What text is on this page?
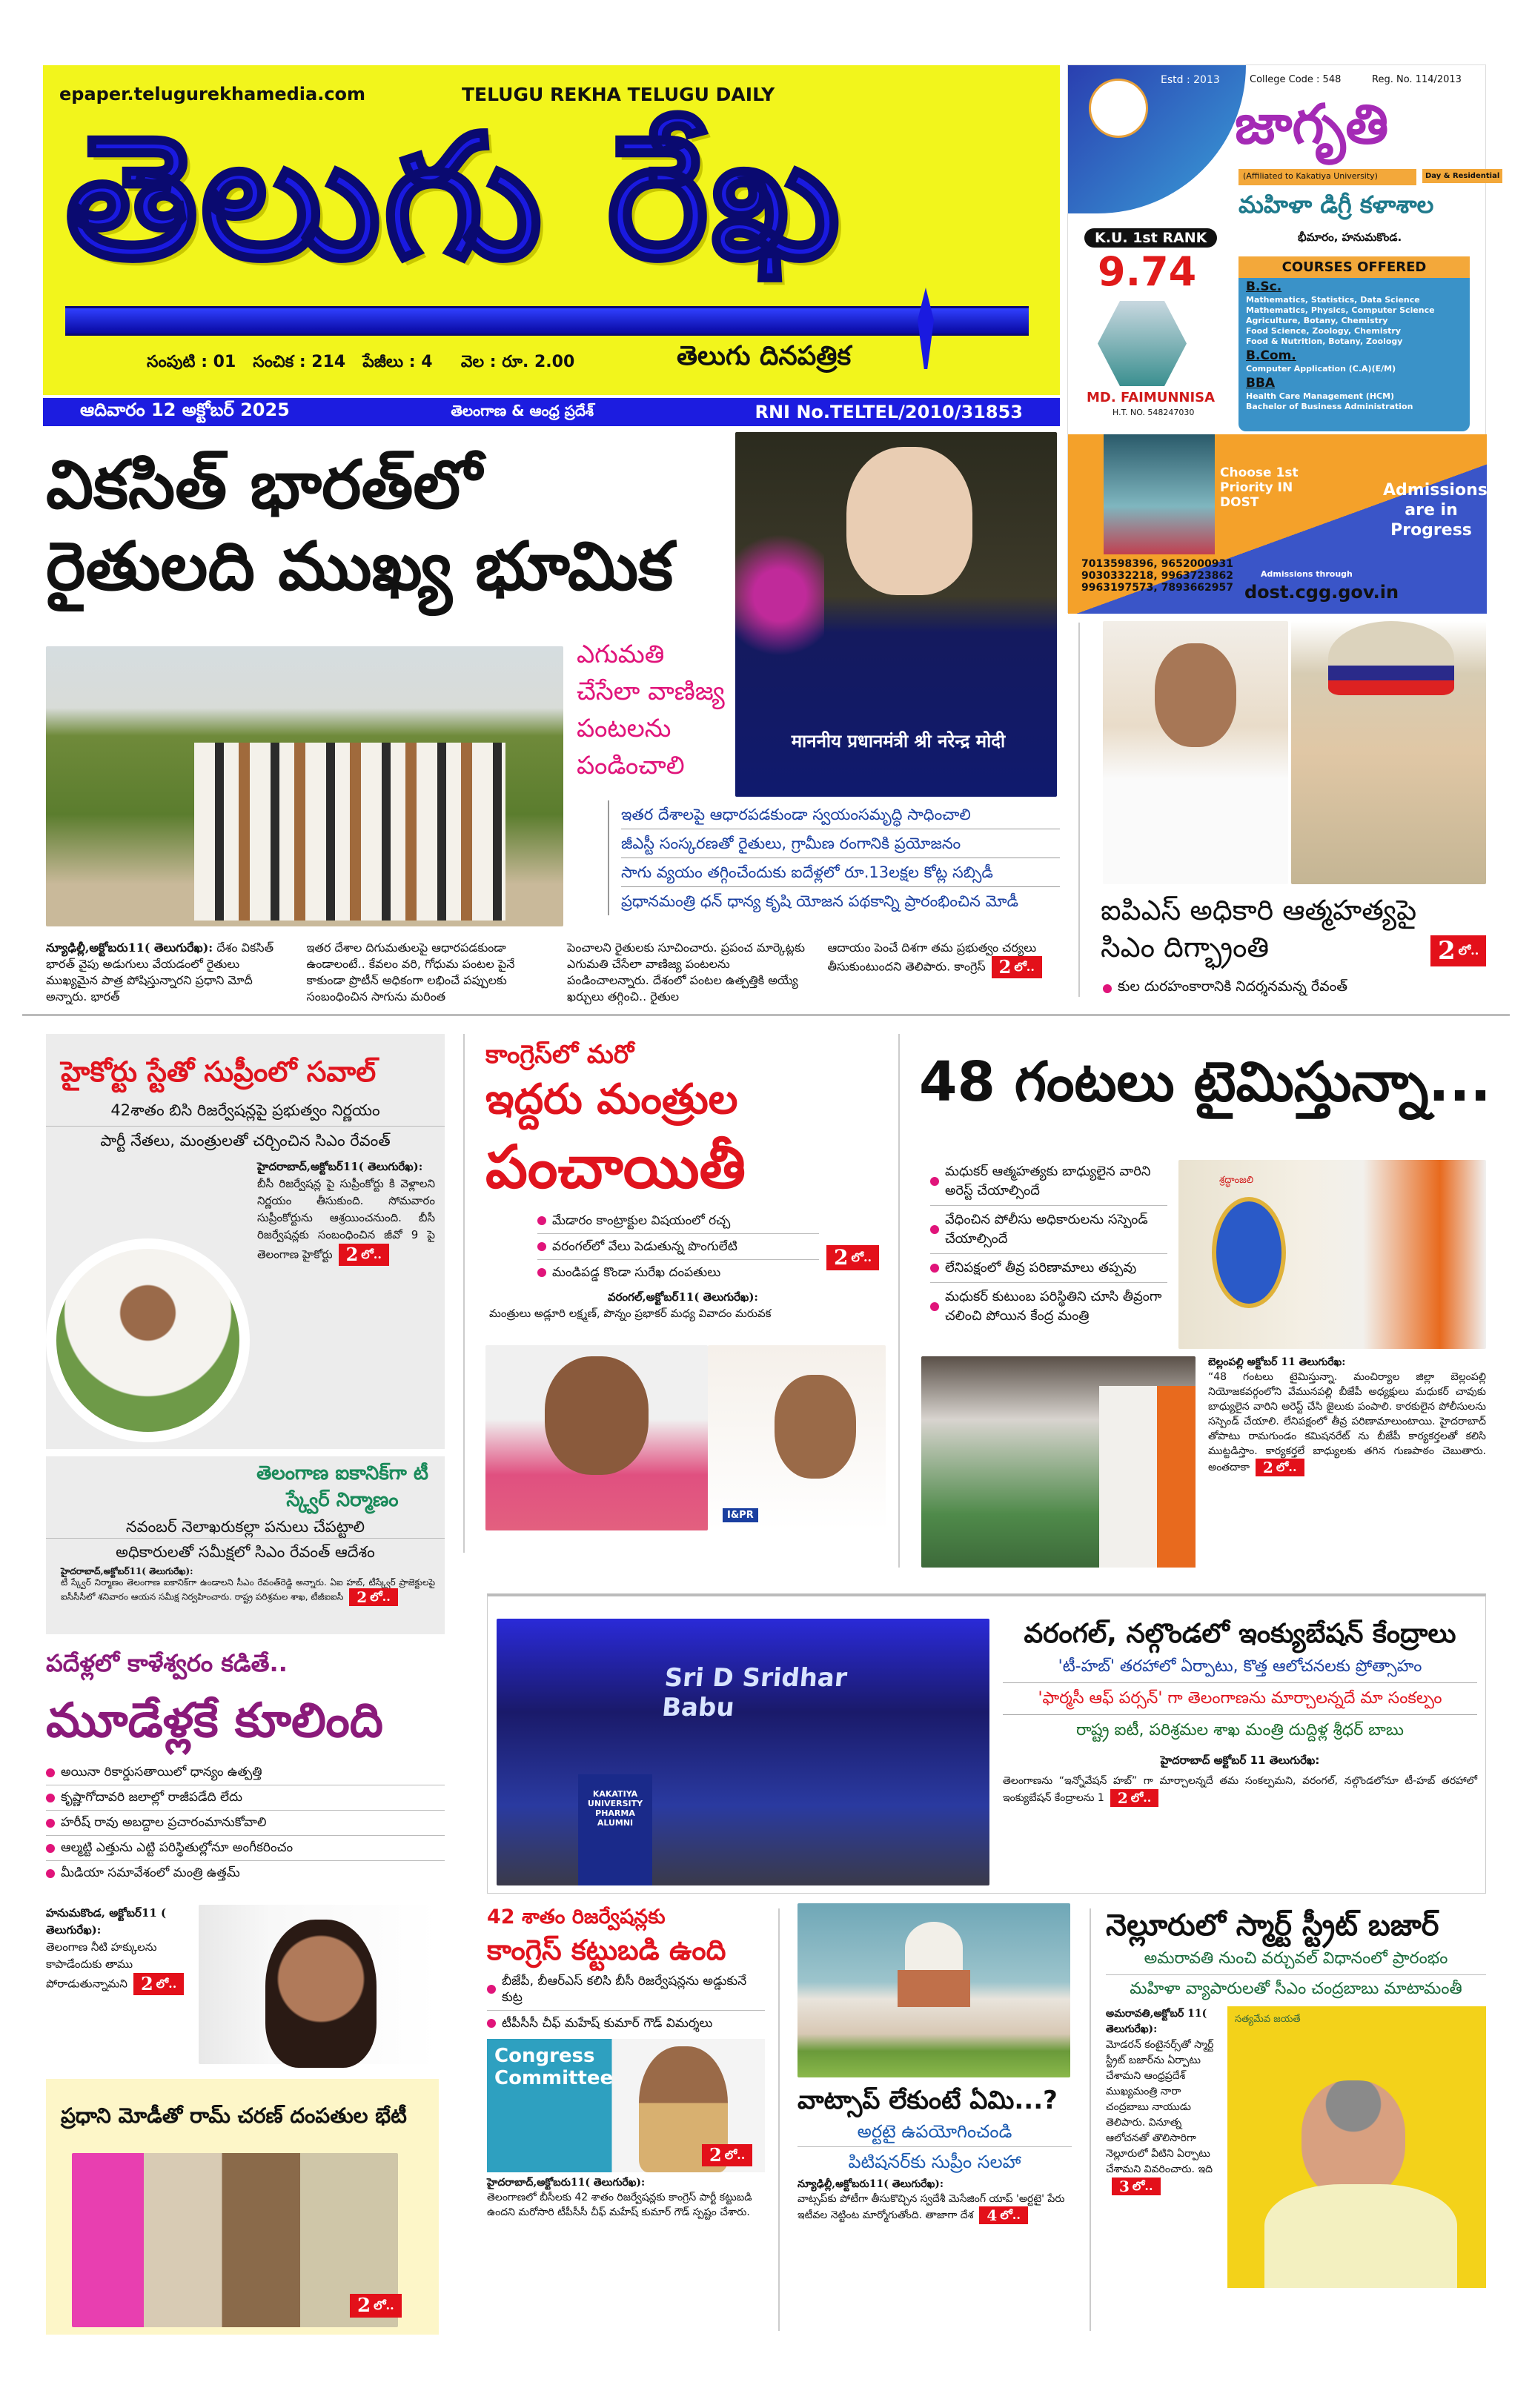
epaper.telugurekhamedia.com	TELUGU REKHA TELUGU DAILY
తెలుగు రేఖ
సంపుటి : 01   సంచిక : 214   పేజీలు : 4     వెల : రూ. 2.00	తెలుగు దినపత్రిక
ఆదివారం 12 అక్టోబర్ 2025	తెలంగాణ & ఆంధ్ర ప్రదేశ్	RNI No.TELTEL/2010/31853
Estd : 2013	College Code : 548	Reg. No. 114/2013
జాగృతి
(Affiliated to Kakatiya University)	Day & Residential
మహిళా డిగ్రీ కళాశాల
భీమారం, హనుమకొండ.
K.U. 1st RANK
9.74
MD. FAIMUNNISA
H.T. NO. 548247030
COURSES OFFERED
B.Sc.
Mathematics, Statistics, Data Science
Mathematics, Physics, Computer Science
Agriculture, Botany, Chemistry
Food Science, Zoology, Chemistry
Food & Nutrition, Botany, Zoology
B.Com.
Computer Application (C.A)(E/M)
BBA
Health Care Management (HCM)
Bachelor of Business Administration
Choose 1st Priority IN DOST
7013598396, 9652000931
9030332218, 9963723862
9963197573, 7893662957
Admissions through
dost.cgg.gov.in
Admissions are in Progress
माननीय प्रधानमंत्री श्री नरेन्द्र मोदी
వికసిత్ భారత్‌లో
రైతులది ముఖ్య భూమిక
ఎగుమతి
చేసేలా వాణిజ్య
పంటలను
పండించాలి
ఇతర దేశాలపై ఆధారపడకుండా స్వయంసమృద్ధి సాధించాలి
జీఎస్టీ సంస్కరణతో రైతులు, గ్రామీణ రంగానికి ప్రయోజనం
సాగు వ్యయం తగ్గించేందుకు ఐదేళ్లలో రూ.13లక్షల కోట్ల సబ్సిడీ
ప్రధానమంత్రి ధన్ ధాన్య కృషి యోజన పథకాన్ని ప్రారంభించిన మోడీ
న్యూఢిల్లీ,అక్టోబరు11( తెలుగురేఖ): దేశం వికసిత్ భారత్ వైపు అడుగులు వేయడంలో రైతులు ముఖ్యమైన పాత్ర పోషిస్తున్నారని ప్రధాని మోదీ అన్నారు. భారత్
ఇతర దేశాల దిగుమతులపై ఆధారపడకుండా ఉండాలంటే.. కేవలం వరి, గోధుమ పంటల పైనే కాకుండా ప్రొటీన్ అధికంగా లభించే పప్పులకు సంబంధించిన సాగును మరింత
పెంచాలని రైతులకు సూచించారు. ప్రపంచ మార్కెట్లకు ఎగుమతి చేసేలా వాణిజ్య పంటలను పండించాలన్నారు. దేశంలో పంటల ఉత్పత్తికి అయ్యే ఖర్చులు తగ్గించి.. రైతుల
ఆదాయం పెంచే దిశగా తమ ప్రభుత్వం చర్యలు తీసుకుంటుందని తెలిపారు. కాంగ్రెస్ 2 $^{లో..}$
ఐపిఎస్ అధికారి ఆత్మహత్యపై సిఎం దిగ్భ్రాంతి	2 $^{లో..}$
కుల దురహంకారానికి నిదర్శనమన్న రేవంత్
హైకోర్టు స్టేతో సుప్రీంలో సవాల్
42శాతం బిసి రిజర్వేషన్లపై ప్రభుత్వం నిర్ణయం
పార్టీ నేతలు, మంత్రులతో చర్చించిన సిఎం రేవంత్
హైదరాబాద్,అక్టోబర్11( తెలుగురేఖ):
బీసీ రిజర్వేషన్ల పై సుప్రీంకోర్టు కి వెళ్లాలని నిర్ణయం తీసుకుంది. సోమవారం సుప్రీంకోర్టును ఆశ్రయించనుంది. బీసీ రిజర్వేషన్లకు సంబంధించిన జీవో 9 పై తెలంగాణ హైకోర్టు 2 $^{లో..}$
తెలంగాణ ఐకానిక్‌గా టీ స్క్వేర్ నిర్మాణం
నవంబర్ నెలాఖరుకల్లా పనులు చేపట్టాలి
అధికారులతో సమీక్షలో సిఎం రేవంత్ ఆదేశం
హైదరాబాద్,అక్టోబర్11( తెలుగురేఖ):
టీ స్క్వేర్ నిర్మాణం తెలంగాణ ఐకానిక్‌గా ఉండాలని సీఎం రేవంత్‌రెడ్డి అన్నారు. ఏఐ హబ్, టీస్క్వేర్ ప్రాజెక్టులపై ఐసీసీసీలో శనివారం ఆయన సమీక్ష నిర్వహించారు. రాష్ట్ర పరిశ్రమల శాఖ, టీజీఐఐసీ 2 $^{లో..}$
కాంగ్రెస్‌లో మరో
ఇద్దరు మంత్రుల
పంచాయితీ
మేడారం కాంట్రాక్టుల విషయంలో రచ్చ
వరంగల్‌లో వేలు పెడుతున్న పొంగులేటి
మండిపడ్డ కొండా సురేఖ దంపతులు
2 $^{లో..}$
వరంగల్,అక్టోబర్11( తెలుగురేఖ):
మంత్రులు అడ్లూరి లక్ష్మణ్, పొన్నం ప్రభాకర్ మధ్య వివాదం మరువక
I&PR
48 గంటలు టైమిస్తున్నా...
మధుకర్ ఆత్మహత్యకు బాధ్యులైన వారిని అరెస్ట్ చేయాల్సిందే
వేధించిన పోలీసు అధికారులను సస్పెండ్ చేయాల్సిందే
లేనిపక్షంలో తీవ్ర పరిణామాలు తప్పవు
మధుకర్ కుటుంబ పరిస్థితిని చూసి తీవ్రంగా చలించి పోయిన కేంద్ర మంత్రి
శ్రద్ధాంజలి
బెల్లంపల్లి అక్టోబర్ 11 తెలుగురేఖ:
“48 గంటలు టైమిస్తున్నా. మంచిర్యాల జిల్లా బెల్లంపల్లి నియోజకవర్గంలోని వేమునపల్లి బీజేపీ అధ్యక్షులు మధుకర్ చావుకు బాధ్యులైన వారిని అరెస్ట్ చేసి జైలుకు పంపాలి. కారకులైన పోలీసులను సస్పెండ్ చేయాలి. లేనిపక్షంలో తీవ్ర పరిణామాలుంటాయి. హైదరాబాద్ తోపాటు రామగుండం కమిషనరేట్ ను బీజేపీ కార్యకర్తలతో కలిసి ముట్టడిస్తాం. కార్యకర్తలే బాధ్యులకు తగిన గుణపాఠం చెబుతారు. అంతదాకా 2 $^{లో..}$
Sri D Sridhar Babu
KAKATIYA UNIVERSITY PHARMA ALUMNI
వరంగల్, నల్గొండలో ఇంక్యుబేషన్ కేంద్రాలు
'టీ-హబ్' తరహాలో ఏర్పాటు, కొత్త ఆలోచనలకు ప్రోత్సాహం
'ఫార్మసీ ఆఫ్ పర్సన్' గా తెలంగాణను మార్చాలన్నదే మా సంకల్పం
రాష్ట్ర ఐటీ, పరిశ్రమల శాఖ మంత్రి దుద్దిళ్ల శ్రీధర్ బాబు
హైదరాబాద్ అక్టోబర్ 11 తెలుగురేఖ:
తెలంగాణను “ఇన్నోవేషన్ హబ్” గా మార్చాలన్నదే తమ సంకల్పమని, వరంగల్, నల్గొండలోనూ టీ-హబ్ తరహాలో ఇంక్యుబేషన్ కేంద్రాలను 1 2 $^{లో..}$
పదేళ్లలో కాళేశ్వరం కడితే..
మూడేళ్లకే కూలింది
అయినా రికార్డుసతాయిలో ధాన్యం ఉత్పత్తి
కృష్ణాగోదావరి జలాల్లో రాజీపడేది లేదు
హరీష్ రావు అబద్దాల ప్రచారంమానుకోవాలి
ఆల్మట్టి ఎత్తును ఎట్టి పరిస్థితుల్లోనూ అంగీకరించం
మీడియా సమావేశంలో మంత్రి ఉత్తమ్
హనుమకొండ, అక్టోబర్11 ( తెలుగురేఖ):
తెలంగాణ నీటి హక్కులను కాపాడేందుకు తాము పోరాడుతున్నామని 2 $^{లో..}$
ప్రధాని మోడీతో రామ్ చరణ్ దంపతుల భేటీ
2 $^{లో..}$
42 శాతం రిజర్వేషన్లకు
కాంగ్రెస్ కట్టుబడి ఉంది
బీజేపీ, బీఆర్ఎస్ కలిసి బీసీ రిజర్వేషన్లను అడ్డుకునే కుట్ర
టీపీసీసీ చీఫ్ మహేష్ కుమార్ గౌడ్ విమర్శలు
Congress Committee
2 $^{లో..}$
హైదరాబాద్,అక్టోబరు11( తెలుగురేఖ):
తెలంగాణలో బీసీలకు 42 శాతం రిజర్వేషన్లకు కాంగ్రెస్ పార్టీ కట్టుబడి ఉందని మరోసారి టీపీసీసీ చీఫ్ మహేష్ కుమార్ గౌడ్ స్పష్టం చేశారు.
వాట్సాప్ లేకుంటే ఏమి...?
అర్టటై ఉపయోగించండి
పిటిషనర్‌కు సుప్రీం సలహా
న్యూఢిల్లీ,అక్టోబరు11( తెలుగురేఖ):
వాట్సప్‌కు పోటీగా తీసుకొచ్చిన స్వదేశీ మెసేజింగ్ యాప్ 'అర్టటై' పేరు ఇటీవల నెట్టింట మార్మోగుతోంది. తాజాగా దేశ 4 $^{లో..}$
నెల్లూరులో స్మార్ట్ స్ట్రీట్ బజార్
అమరావతి నుంచి వర్చువల్ విధానంలో ప్రారంభం
మహిళా వ్యాపారులతో సీఎం చంద్రబాబు మాటామంతీ
అమరావతి,అక్టోబర్ 11( తెలుగురేఖ):
మోడరన్ కంటైనర్స్‌తో స్మార్ట్ స్ట్రీట్ బజార్‌ను ఏర్పాటు చేశామని ఆంధ్రప్రదేశ్ ముఖ్యమంత్రి నారా చంద్రబాబు నాయుడు తెలిపారు. వినూత్న ఆలోచనతో తొలిసారిగా నెల్లూరులో వీటిని ఏర్పాటు చేశామని వివరించారు. ఇది3 $^{లో..}$
సత్యమేవ జయతే
